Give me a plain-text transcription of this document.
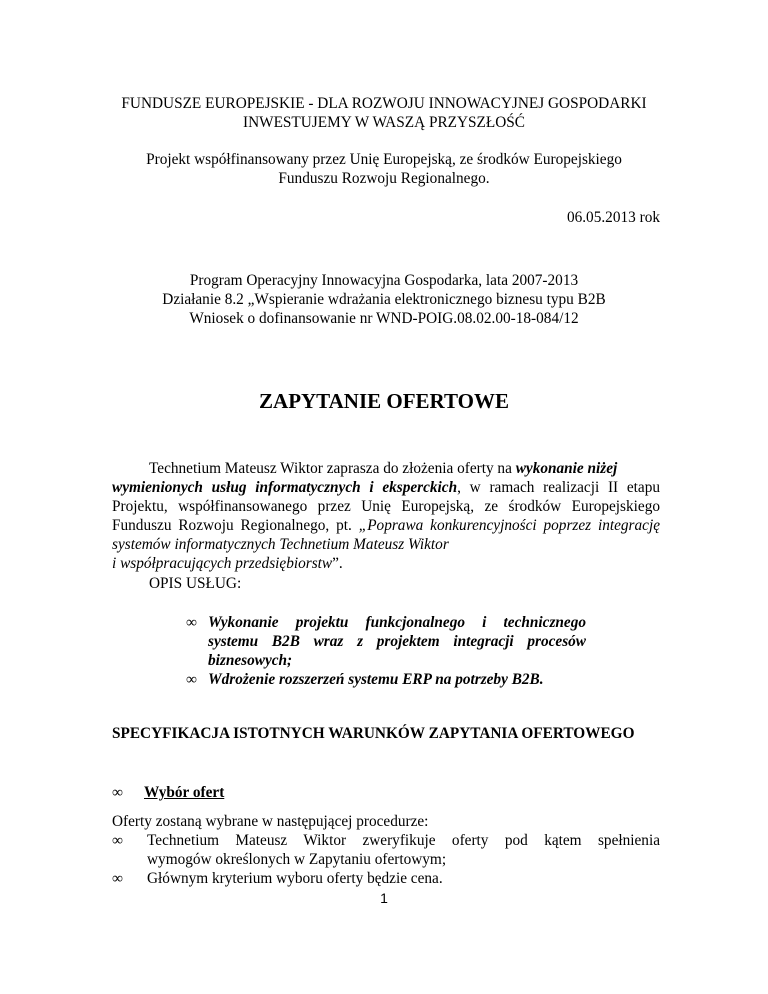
FUNDUSZE EUROPEJSKIE - DLA ROZWOJU INNOWACYJNEJ GOSPODARKI
INWESTUJEMY W WASZĄ PRZYSZŁOŚĆ
Projekt współfinansowany przez Unię Europejską, ze środków Europejskiego
Funduszu Rozwoju Regionalnego.
06.05.2013 rok
Program Operacyjny Innowacyjna Gospodarka, lata 2007-2013
Działanie 8.2 „Wspieranie wdrażania elektronicznego biznesu typu B2B
Wniosek o dofinansowanie nr WND-POIG.08.02.00-18-084/12
ZAPYTANIE OFERTOWE
Technetium Mateusz Wiktor zaprasza do złożenia oferty na wykonanie niżej
wymienionych usług informatycznych i eksperckich, w ramach realizacji II etapu
Projektu, współfinansowanego przez Unię Europejską, ze środków Europejskiego
Funduszu Rozwoju Regionalnego, pt. „Poprawa konkurencyjności poprzez integrację
systemów informatycznych Technetium Mateusz Wiktor
i współpracujących przedsiębiorstw”.
OPIS USŁUG:
∞ Wykonanie projektu funkcjonalnego i technicznego
systemu B2B wraz z projektem integracji procesów
biznesowych;
∞ Wdrożenie rozszerzeń systemu ERP na potrzeby B2B.
SPECYFIKACJA ISTOTNYCH WARUNKÓW ZAPYTANIA OFERTOWEGO
∞ Wybór ofert
Oferty zostaną wybrane w następującej procedurze:
∞ Technetium Mateusz Wiktor zweryfikuje oferty pod kątem spełnienia
wymogów określonych w Zapytaniu ofertowym;
∞ Głównym kryterium wyboru oferty będzie cena.
1
